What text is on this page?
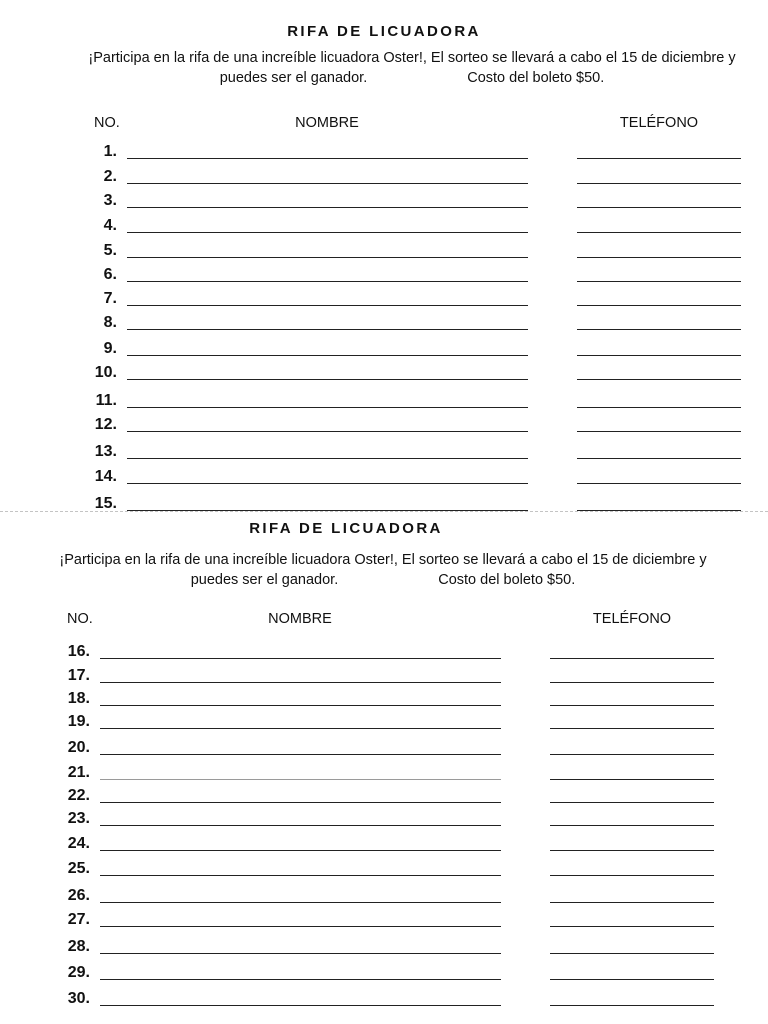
RIFA DE LICUADORA
¡Participa en la rifa de una increíble licuadora Oster!, El sorteo se llevará a cabo el 15 de diciembre y
puedes ser el ganador.	Costo del boleto $50.
NO.	NOMBRE	TELÉFONO
1.
2.
3.
4.
5.
6.
7.
8.
9.
10.
11.
12.
13.
14.
15.
RIFA DE LICUADORA
¡Participa en la rifa de una increíble licuadora Oster!, El sorteo se llevará a cabo el 15 de diciembre y
puedes ser el ganador.	Costo del boleto $50.
NO.	NOMBRE	TELÉFONO
16.
17.
18.
19.
20.
21.
22.
23.
24.
25.
26.
27.
28.
29.
30.
